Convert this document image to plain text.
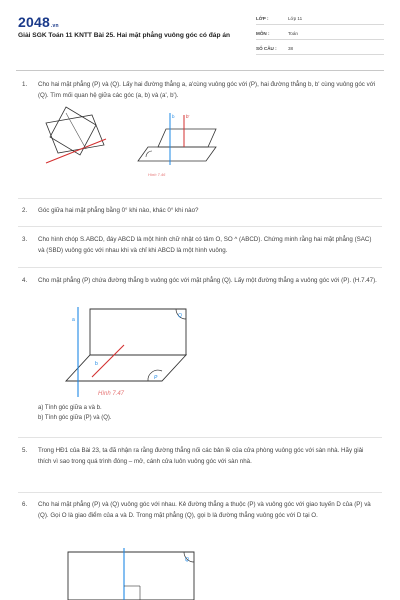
2048.vn
Giải SGK Toán 11 KNTT Bài 25. Hai mặt phẳng vuông góc có đáp án
LỚP :	Lớp 11
MÔN :	Toán
SỐ CÂU : 38
1.	Cho hai mặt phẳng (P) và (Q). Lấy hai đường thẳng a, a'cùng vuông góc với (P), hai đường thẳng b, b' cùng vuông góc với (Q). Tìm mối quan hệ giữa các góc (a, b) và (a', b').
b	b'
Hình 7.46
2.	Góc giữa hai mặt phẳng bằng 0° khi nào, khác 0° khi nào?
3.	Cho hình chóp S.ABCD, đáy ABCD là một hình chữ nhật có tâm O, SO ^ (ABCD). Chứng minh rằng hai mặt phẳng (SAC) và (SBD) vuông góc với nhau khi và chỉ khi ABCD là một hình vuông.
4.	Cho mặt phẳng (P) chứa đường thẳng b vuông góc với mặt phẳng (Q). Lấy một đường thẳng a vuông góc với (P). (H.7.47).
a
b
Q
P
Hình 7.47
a) Tính góc giữa a và b.
b) Tính góc giữa (P) và (Q).
5.	Trong HĐ1 của Bài 23, ta đã nhận ra rằng đường thẳng nối các bản lề của cửa phòng vuông góc với sàn nhà. Hãy giải thích vì sao trong quá trình đóng – mở, cánh cửa luôn vuông góc với sàn nhà.
6.	Cho hai mặt phẳng (P) và (Q) vuông góc với nhau. Kẻ đường thẳng a thuộc (P) và vuông góc với giao tuyến D của (P) và (Q). Gọi O là giao điểm của a và D. Trong mặt phẳng (Q), gọi b là đường thẳng vuông góc với D tại O.
Q
